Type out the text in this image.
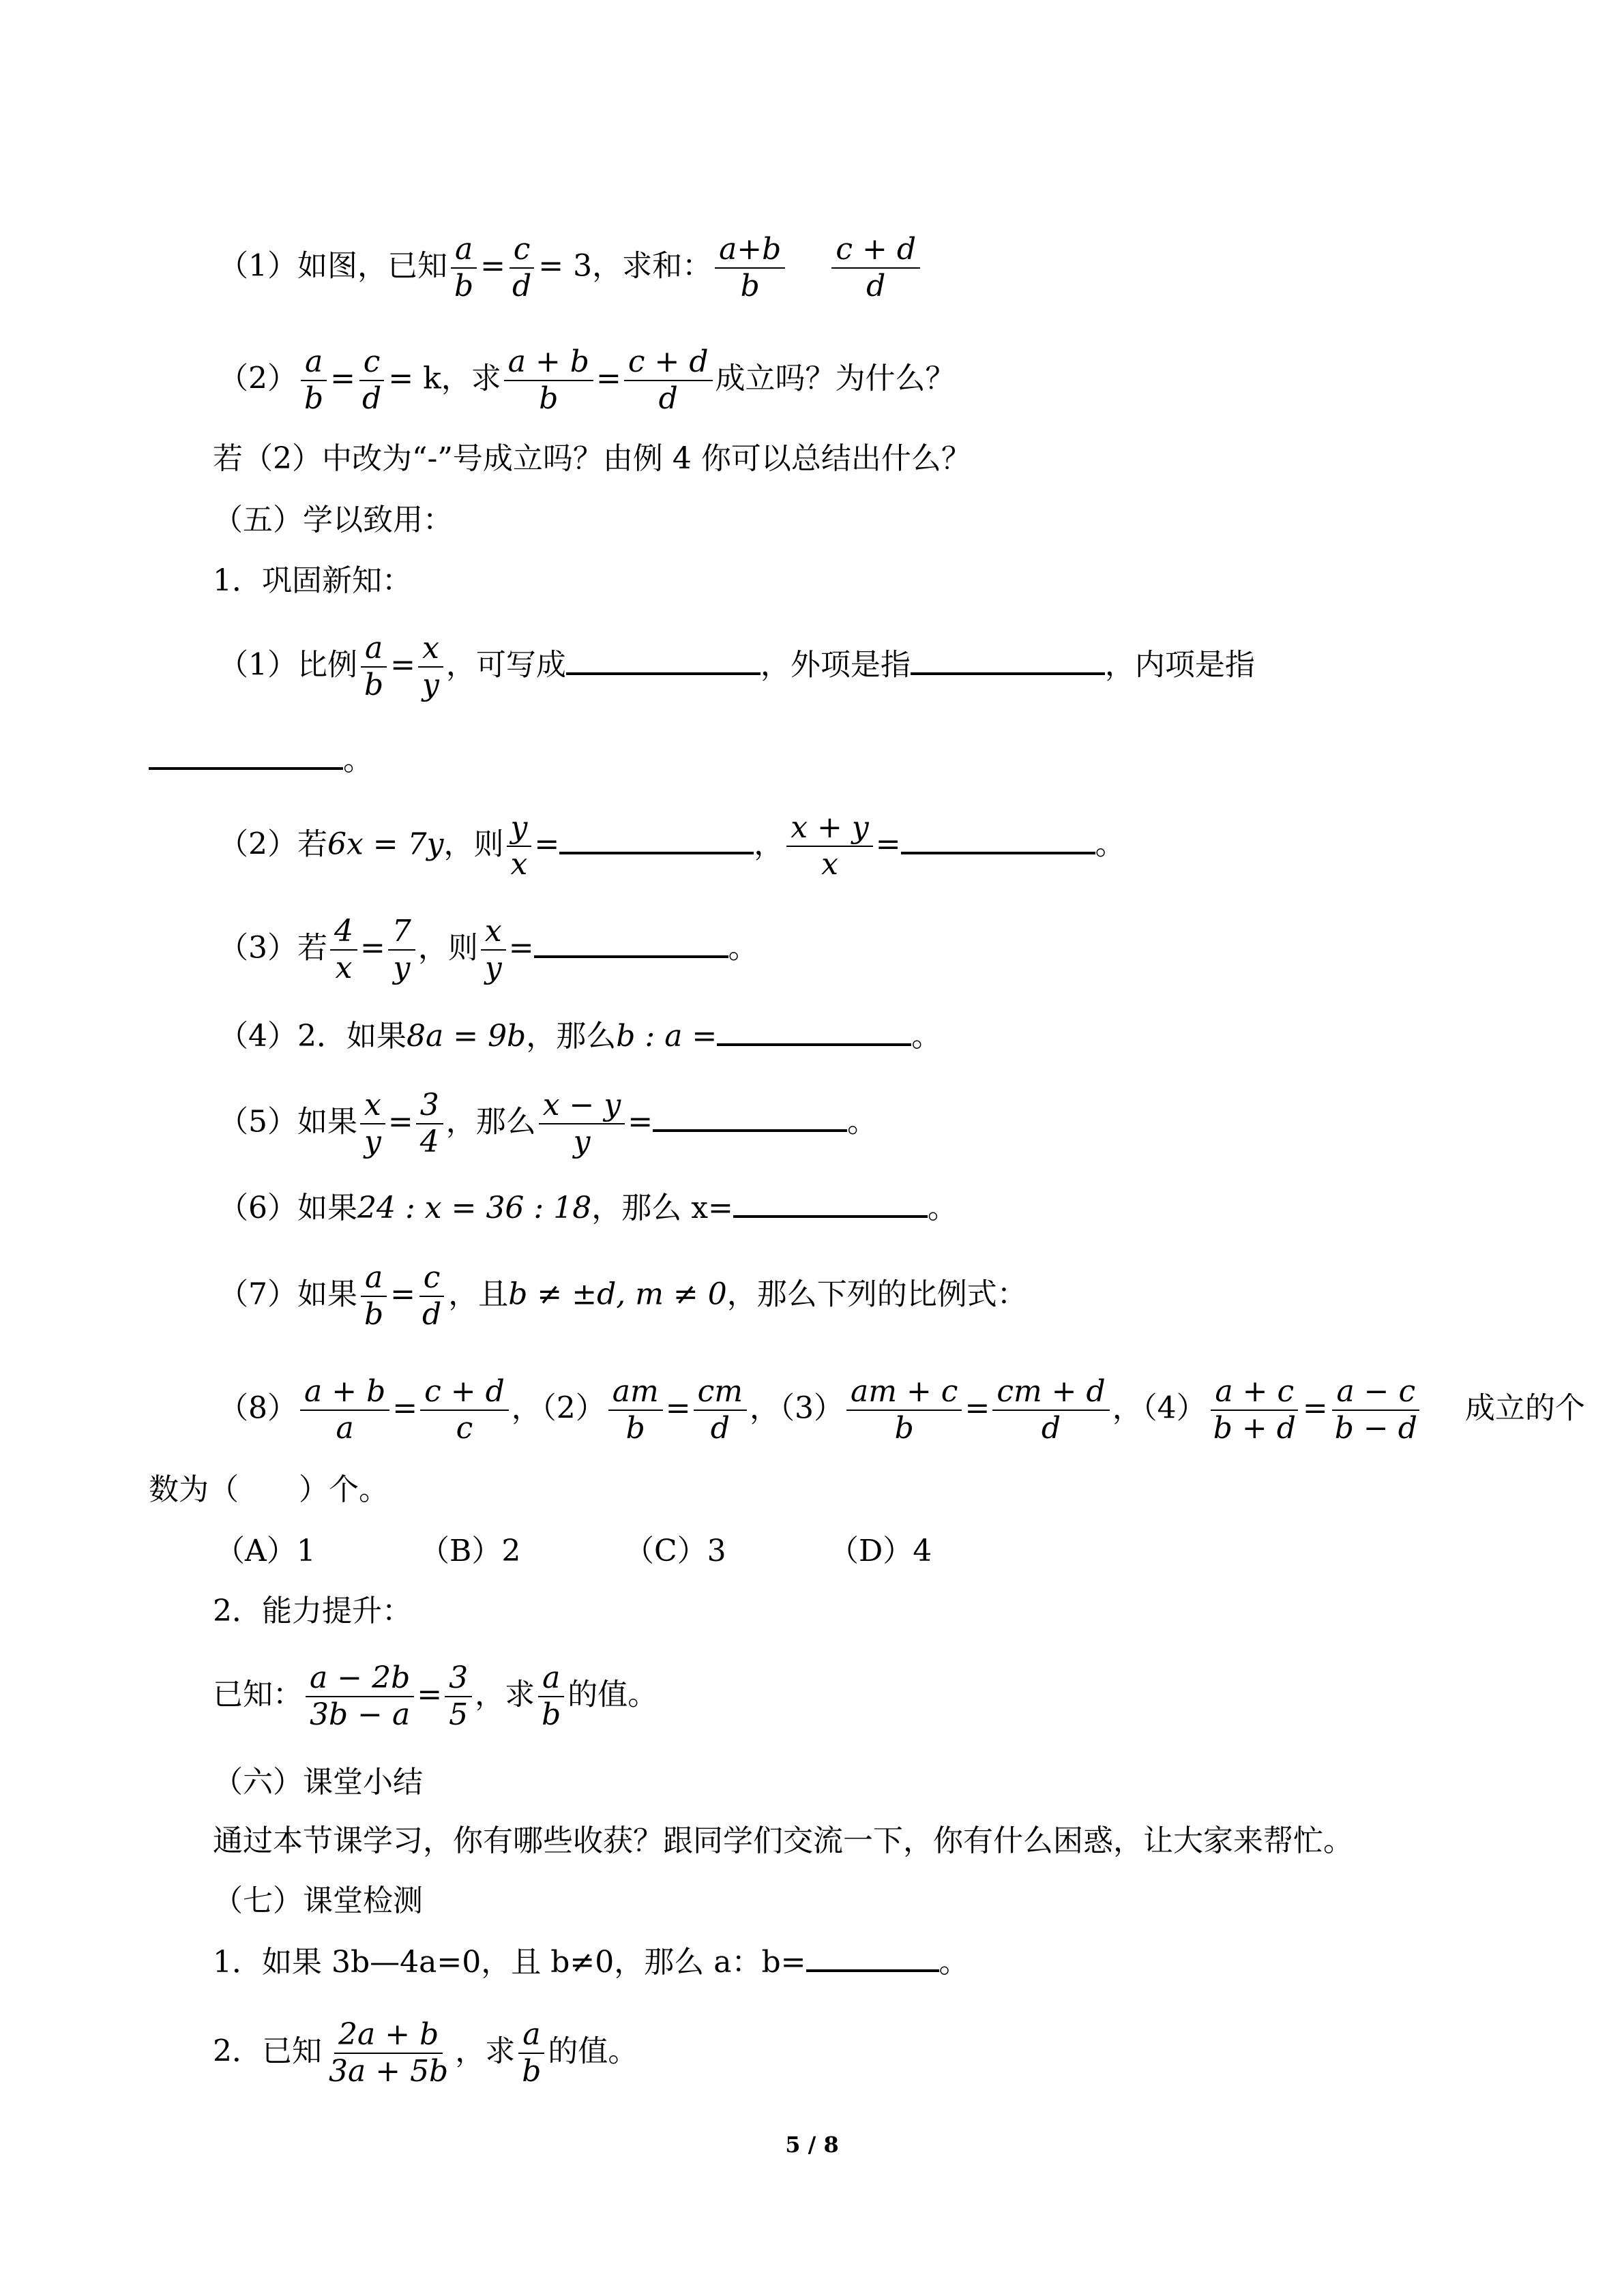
（1）如图，已知 $\frac{a}{b} = \frac{c}{d} = 3$，求和： $\frac{a+b}{b} \frac{c + d}{d}$
$(2) \frac{a}{b} = \frac{c}{d} = k$，求 $\frac{a + b}{b} = \frac{c + d}{d}$ 成立吗？为什么？
若（2）中改为“-”号成立吗？由例 4 你可以总结出什么？
（五）学以致用：
1．巩固新知：
（1）比例 $\frac{a}{b} = \frac{x}{y}$ ，可写成	，外项是指	，内项是指
。
（2）若6x = 7y，则 $\frac{y}{x}$ =	， $\frac{x + y}{x}$ =	。
（3）若 $\frac{4}{x} = \frac{7}{y}$ ，则 $\frac{x}{y}$ =	。
（4）2．如果8a = 9b，那么b : a =	。
（5）如果 $\frac{x}{y} = \frac{3}{4}$ ，那么 $\frac{x - y}{y}$ =	。
（6）如果24 : x = 36 : 18，那么 x=	。
（7）如果 $\frac{a}{b} = \frac{c}{d}$ ，且b ≠ ±d, m ≠ 0，那么下列的比例式：
$(8) \frac{a + b}{a} = \frac{c + d}{c}$ ，$(2) \frac{am}{b} = \frac{cm}{d}$ ，$(3) \frac{am + c}{b} = \frac{cm + d}{d}$ ，$(4) \frac{a + c}{b + d} = \frac{a - c}{b - d}$ 成立的个
数为（　　）个。
（A）1	（B）2	（C）3	（D）4
2．能力提升：
已知： $\frac{a - 2b}{3b - a} = \frac{3}{5}$ ，求 $\frac{a}{b}$ 的值。
（六）课堂小结
通过本节课学习，你有哪些收获？跟同学们交流一下，你有什么困惑，让大家来帮忙。
（七）课堂检测
1．如果 3b—4a=0，且 b≠0，那么 a：b=	。
2．已知 $\frac{2a + b}{3a + 5b}$ ，求 $\frac{a}{b}$ 的值。
5 / 8
